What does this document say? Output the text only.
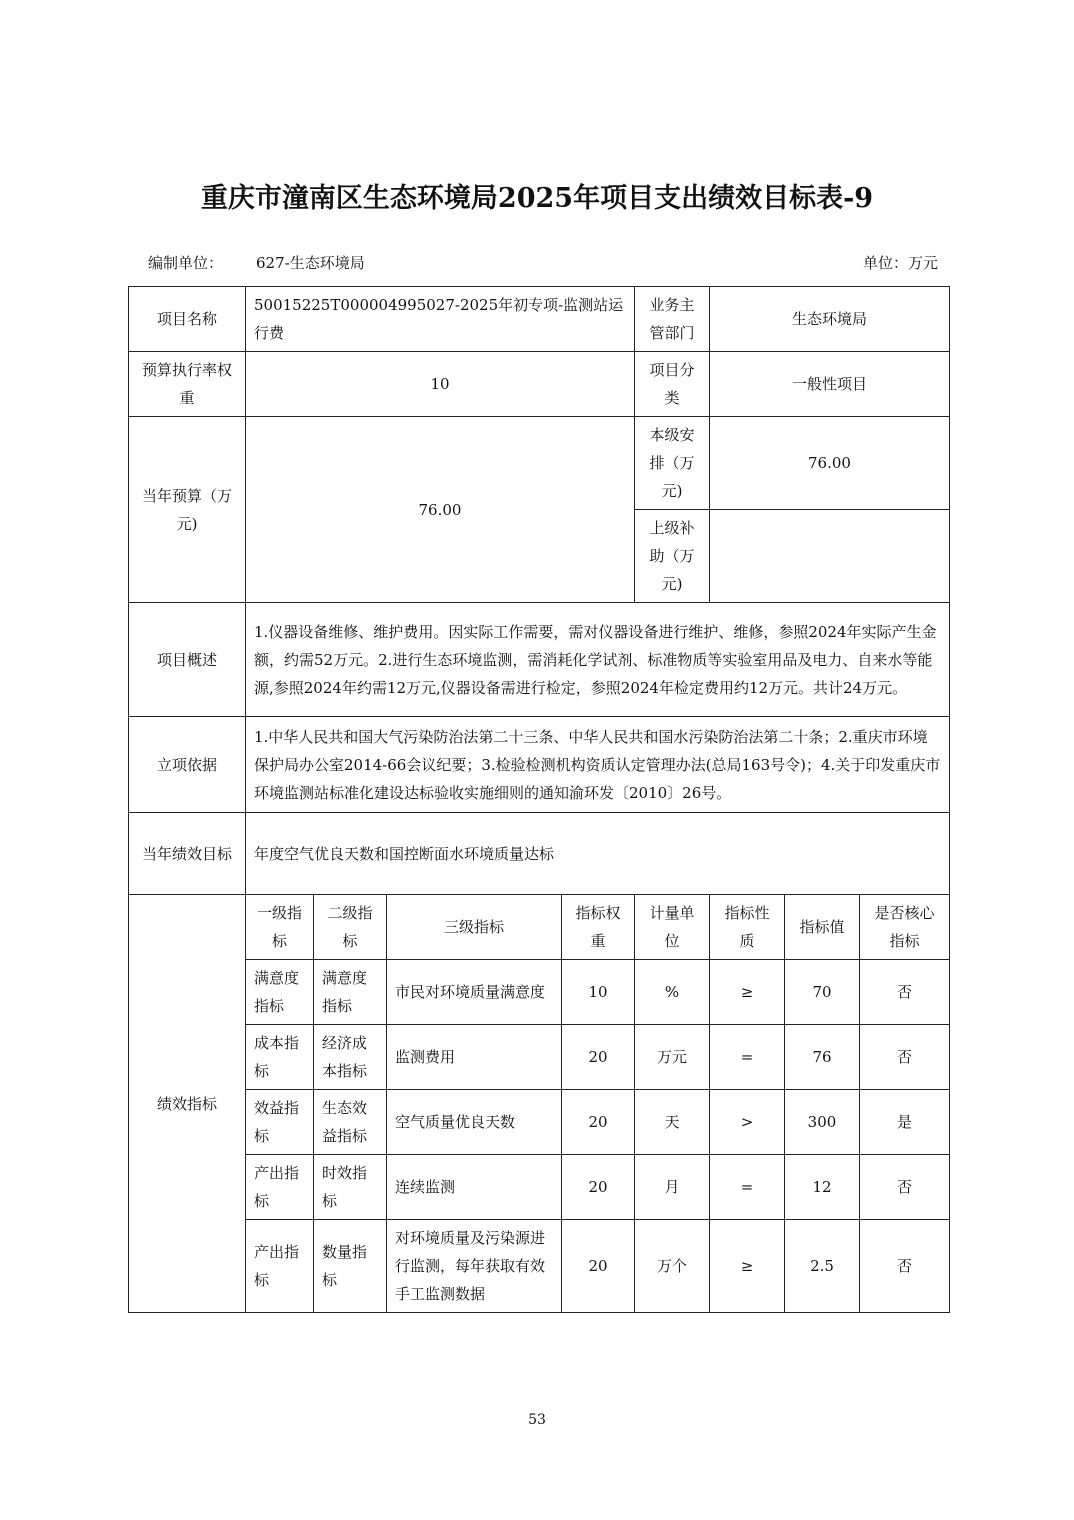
重庆市潼南区生态环境局2025年项目支出绩效目标表-9
编制单位： 627-生态环境局	单位：万元
项目名称	50015225T000004995027-2025年初专项-监测站运行费				业务主管部门	生态环境局		
预算执行率权重	10				项目分类	一般性项目		
当年预算（万元)	76.00				本级安排（万元)	76.00		
					上级补助（万元)			
项目概述	1.仪器设备维修、维护费用。因实际工作需要，需对仪器设备进行维护、维修，参照2024年实际产生金额，约需52万元。2.进行生态环境监测，需消耗化学试剂、标准物质等实验室用品及电力、自来水等能源,参照2024年约需12万元,仪器设备需进行检定，参照2024年检定费用约12万元。共计24万元。							
立项依据	1.中华人民共和国大气污染防治法第二十三条、中华人民共和国水污染防治法第二十条；2.重庆市环境保护局办公室2014-66会议纪要；3.检验检测机构资质认定管理办法(总局163号令)；4.关于印发重庆市环境监测站标准化建设达标验收实施细则的通知渝环发〔2010〕26号。							
当年绩效目标	年度空气优良天数和国控断面水环境质量达标							
绩效指标	一级指标	二级指标	三级指标	指标权重	计量单位	指标性质	指标值	是否核心指标
	满意度指标	满意度指标	市民对环境质量满意度	10	%	≥	70	否
	成本指标	经济成本指标	监测费用	20	万元	=	76	否
	效益指标	生态效益指标	空气质量优良天数	20	天	>	300	是
	产出指标	时效指标	连续监测	20	月	=	12	否
	产出指标	数量指标	对环境质量及污染源进行监测，每年获取有效手工监测数据	20	万个	≥	2.5	否
53
